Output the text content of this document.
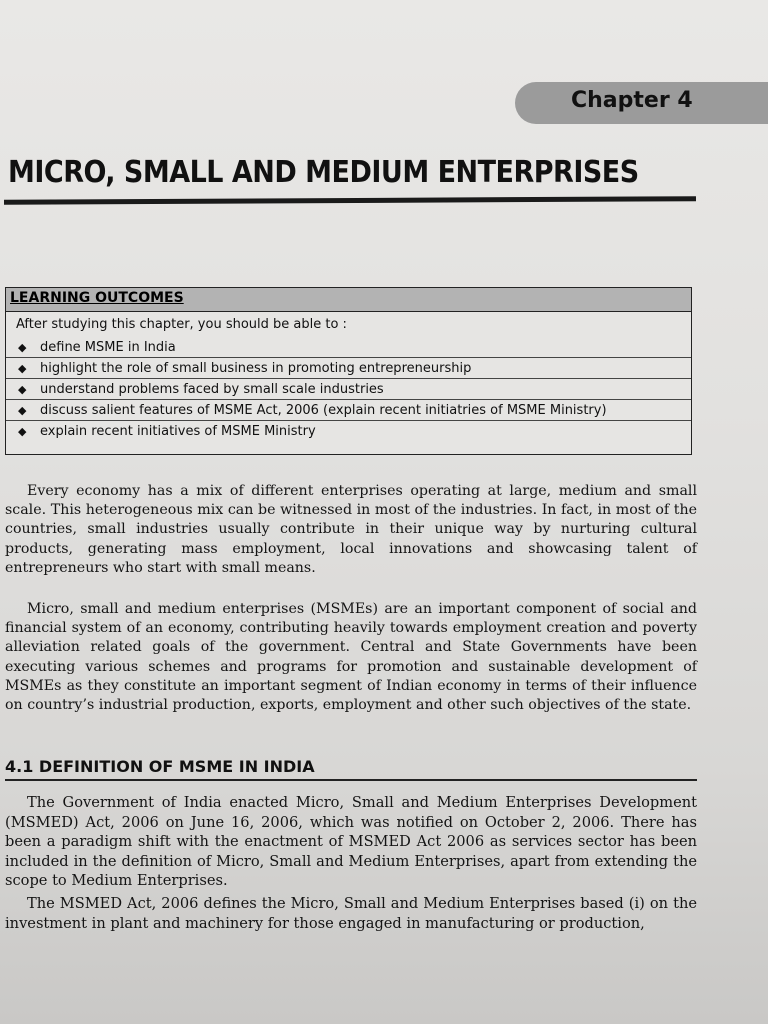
Chapter 4
MICRO, SMALL AND MEDIUM ENTERPRISES
LEARNING OUTCOMES
After studying this chapter, you should be able to :
◆	define MSME in India
◆	highlight the role of small business in promoting entrepreneurship
◆	understand problems faced by small scale industries
◆	discuss salient features of MSME Act, 2006 (explain recent initiatries of MSME Ministry)
◆	explain recent initiatives of MSME Ministry

Every economy has a mix of different enterprises operating at large, medium and small scale. This heterogeneous mix can be witnessed in most of the industries. In fact, in most of the countries, small industries usually contribute in their unique way by nurturing cultural products, generating mass employment, local innovations and showcasing talent of entrepreneurs who start with small means.

Micro, small and medium enterprises (MSMEs) are an important component of social and financial system of an economy, contributing heavily towards employment creation and poverty alleviation related goals of the government. Central and State Governments have been executing various schemes and programs for promotion and sustainable development of MSMEs as they constitute an important segment of Indian economy in terms of their influence on country’s industrial production, exports, employment and other such objectives of the state.

4.1 DEFINITION OF MSME IN INDIA

The Government of India enacted Micro, Small and Medium Enterprises Development (MSMED) Act, 2006 on June 16, 2006, which was notified on October 2, 2006. There has been a paradigm shift with the enactment of MSMED Act 2006 as services sector has been included in the definition of Micro, Small and Medium Enterprises, apart from extending the scope to Medium Enterprises.

The MSMED Act, 2006 defines the Micro, Small and Medium Enterprises based (i) on the investment in plant and machinery for those engaged in manufacturing or production,
